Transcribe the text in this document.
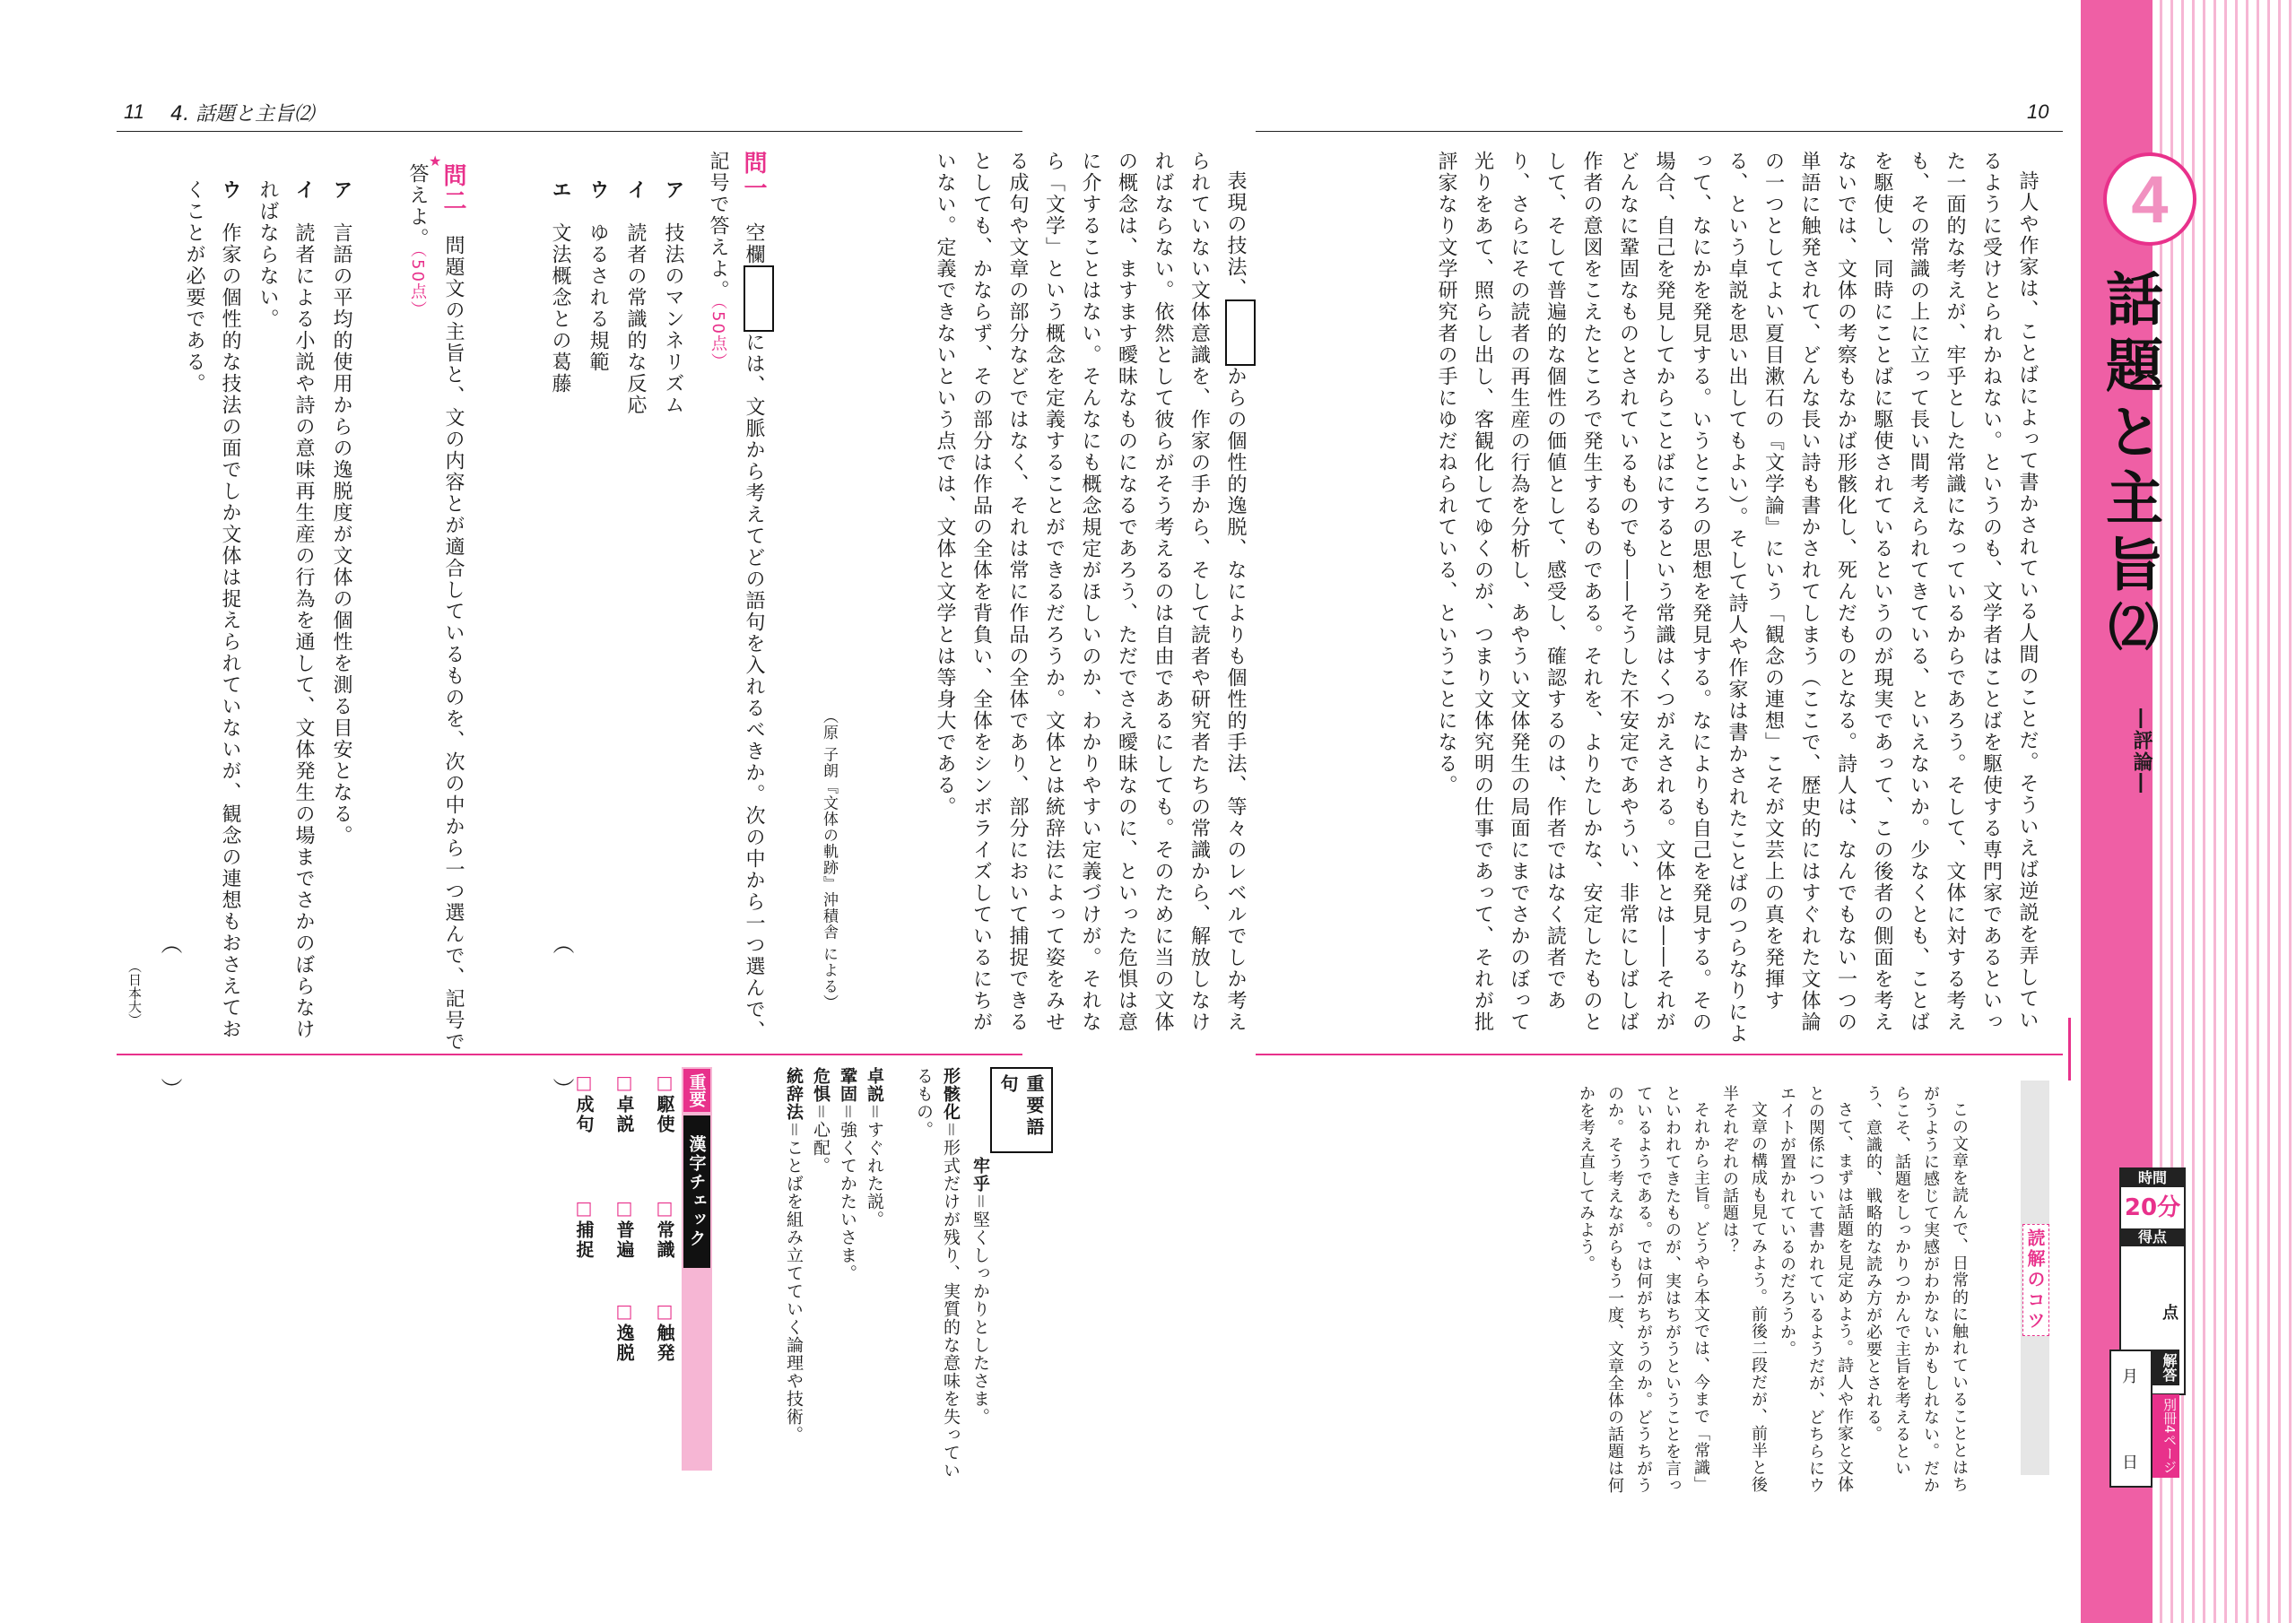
4
話題と主旨⑵
―評論―
11 4. 話題と主旨⑵	10
詩人や作家は、ことばによって書かされている人間のことだ。そういえば逆説を弄しているように受けとられかねない。というのも、文学者はことばを駆使する専門家であるといった一面的な考えが、牢乎とした常識になっているからであろう。そして、文体に対する考えも、その常識の上に立って長い間考えられてきている、といえないか。少なくとも、ことばを駆使し、同時にことばに駆使されているというのが現実であって、この後者の側面を考えないでは、文体の考察もなかば形骸化し、死んだものとなる。詩人は、なんでもない一つの単語に触発されて、どんな長い詩も書かされてしまう（ここで、歴史的にはすぐれた文体論の一つとしてよい夏目漱石の『文学論』にいう「観念の連想」こそが文芸上の真を発揮する、という卓説を思い出してもよい）。そして詩人や作家は書かされたことばのつらなりによって、なにかを発見する。いうところの思想を発見する。なによりも自己を発見する。その場合、自己を発見してからことばにするという常識はくつがえされる。文体とは――それがどんなに鞏固なものとされているものでも――そうした不安定であやうい、非常にしばしば作者の意図をこえたところで発生するものである。それを、よりたしかな、安定したものとして、そして普遍的な個性の価値として、感受し、確認するのは、作者ではなく読者であり、さらにその読者の再生産の行為を分析し、あやうい文体発生の局面にまでさかのぼって光りをあて、照らし出し、客観化してゆくのが、つまり文体究明の仕事であって、それが批評家なり文学研究者の手にゆだねられている、ということになる。
表現の技法、からの個性的逸脱、なによりも個性的手法、等々のレベルでしか考えられていない文体意識を、作家の手から、そして読者や研究者たちの常識から、解放しなければならない。依然として彼らがそう考えるのは自由であるにしても。そのために当の文体の概念は、ますます曖昧なものになるであろう、ただでさえ曖昧なのに、といった危惧は意に介することはない。そんなにも概念規定がほしいのか、わかりやすい定義づけが。それなら「文学」という概念を定義することができるだろうか。文体とは統辞法によって姿をみせる成句や文章の部分などではなく、それは常に作品の全体であり、部分において捕捉できるとしても、かならず、その部分は作品の全体を背負い、全体をシンボライズしているにちがいない。定義できないという点では、文体と文学とは等身大である。
（原 子朗『文体の軌跡』沖積舎 による）
問一　空欄には、文脈から考えてどの語句を入れるべきか。次の中から一つ選んで、記号で答えよ。（50点）
ア　技法のマンネリズム
イ　読者の常識的な反応
ウ　ゆるされる規範
エ　文法概念との葛藤
（　　）
★
問二　問題文の主旨と、文の内容とが適合しているものを、次の中から一つ選んで、記号で答えよ。（50点）
ア　言語の平均的使用からの逸脱度が文体の個性を測る目安となる。
イ　読者による小説や詩の意味再生産の行為を通して、文体発生の場までさかのぼらなければならない。
ウ　作家の個性的な技法の面でしか文体は捉えられていないが、観念の連想もおさえておくことが必要である。
（　　）
（日本大）
重要語句
牢乎＝堅くしっかりとしたさま。
形骸化＝形式だけが残り、実質的な意味を失っているもの。
卓説＝すぐれた説。
鞏固＝強くてかたいさま。
危惧＝心配。
統辞法＝ことばを組み立てていく論理や技術。
重要
漢字チェック
□駆使
□常識
□触発
□卓説
□普遍
□逸脱
□成句
□捕捉	読解のコツ

この文章を読んで、日常的に触れていることとはちがうように感じて実感がわかないかもしれない。だからこそ、話題をしっかりつかんで主旨を考えるという、意識的、戦略的な読み方が必要とされる。

さて、まずは話題を見定めよう。詩人や作家と文体との関係について書かれているようだが、どちらにウエイトが置かれているのだろうか。

文章の構成も見てみよう。前後二段だが、前半と後半それぞれの話題は？

それから主旨。どうやら本文では、今まで「常識」といわれてきたものが、実はちがうということを言っているようである。では何がちがうのか。どうちがうのか。そう考えながらもう一度、文章全体の話題は何かを考え直してみよう。	時間
20分
得点
点
解答
別冊4ページ
月
日
